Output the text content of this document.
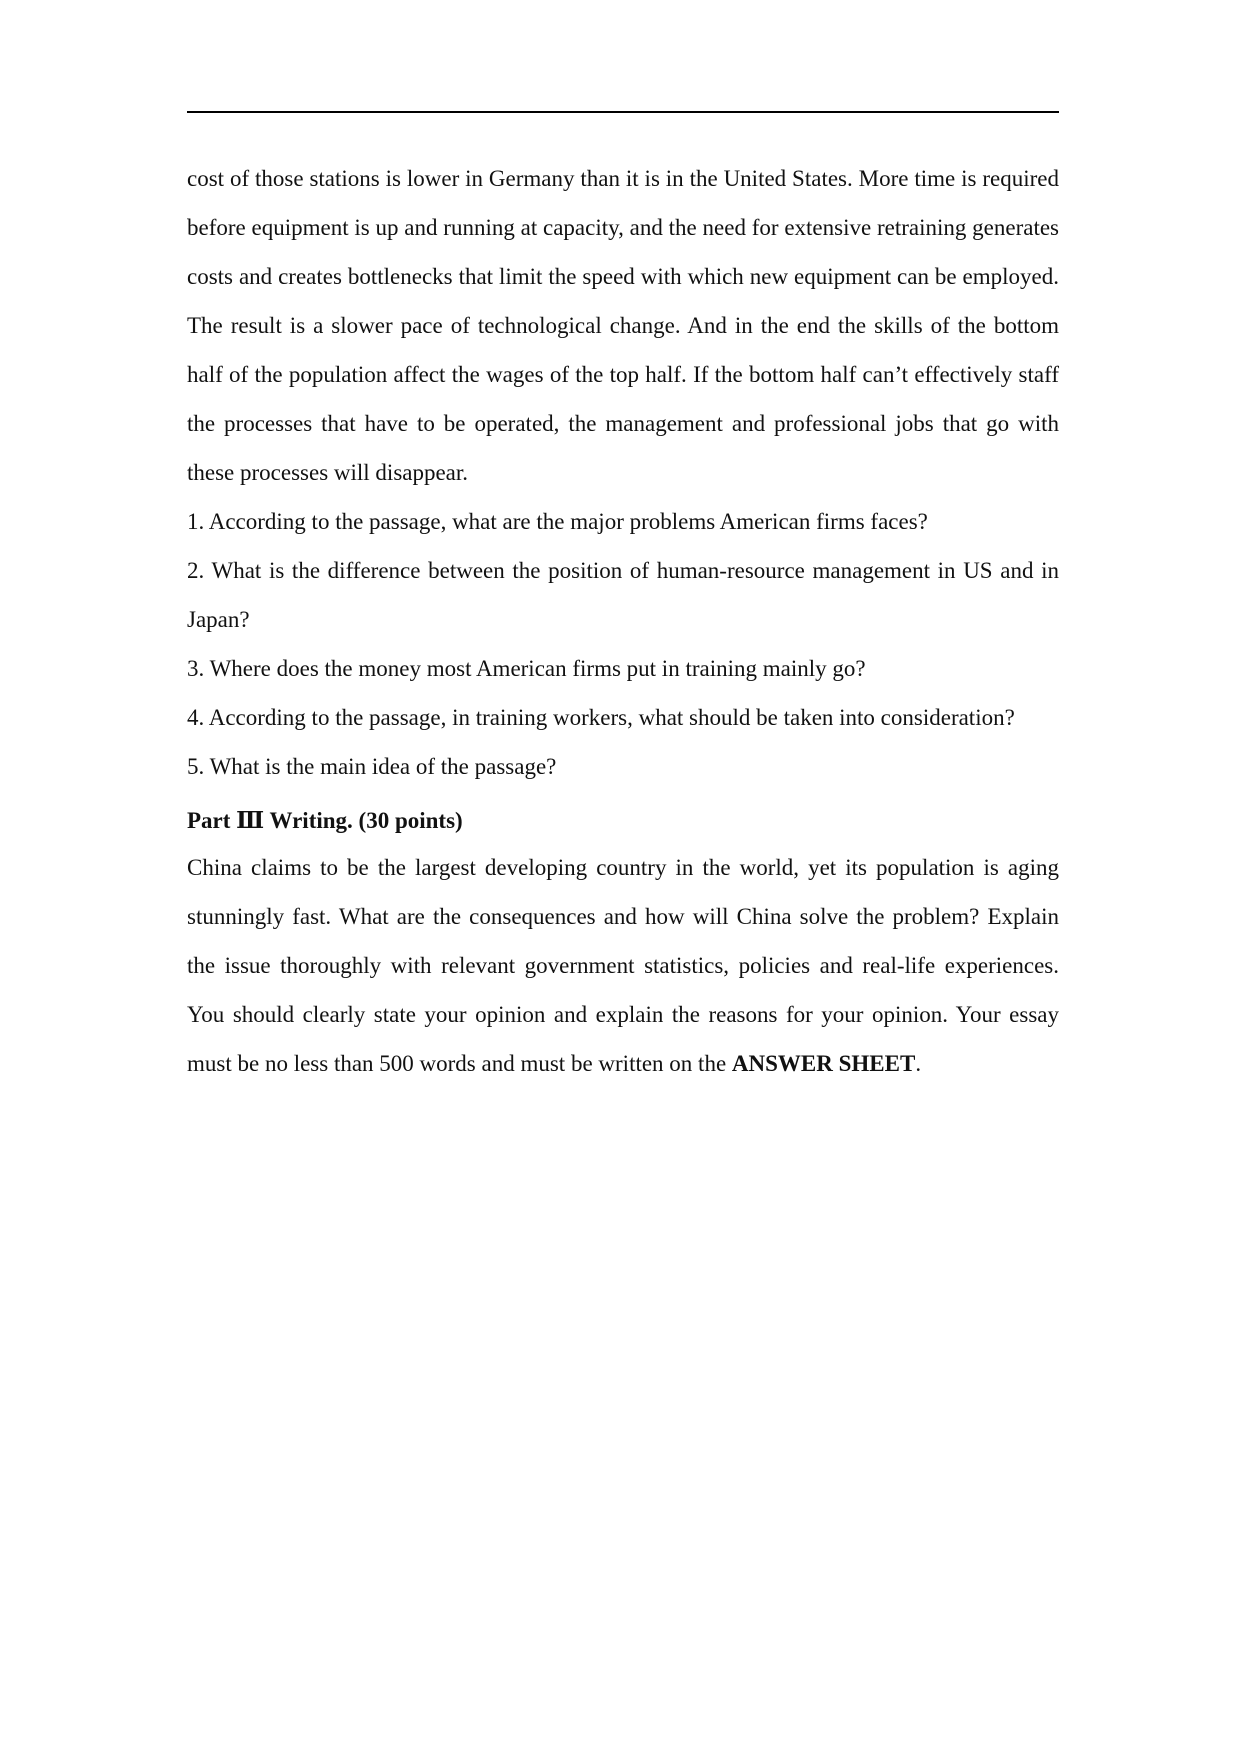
cost of those stations is lower in Germany than it is in the United States. More time is required before equipment is up and running at capacity, and the need for extensive retraining generates costs and creates bottlenecks that limit the speed with which new equipment can be employed. The result is a slower pace of technological change. And in the end the skills of the bottom half of the population affect the wages of the top half. If the bottom half can’t effectively staff the processes that have to be operated, the management and professional jobs that go with these processes will disappear.

1. According to the passage, what are the major problems American firms faces?

2. What is the difference between the position of human-resource management in US and in Japan?

3. Where does the money most American firms put in training mainly go?

4. According to the passage, in training workers, what should be taken into consideration?

5. What is the main idea of the passage?

Part Ⅲ Writing. (30 points)

China claims to be the largest developing country in the world, yet its population is aging stunningly fast. What are the consequences and how will China solve the problem? Explain the issue thoroughly with relevant government statistics, policies and real-life experiences. You should clearly state your opinion and explain the reasons for your opinion. Your essay must be no less than 500 words and must be written on the ANSWER SHEET.
